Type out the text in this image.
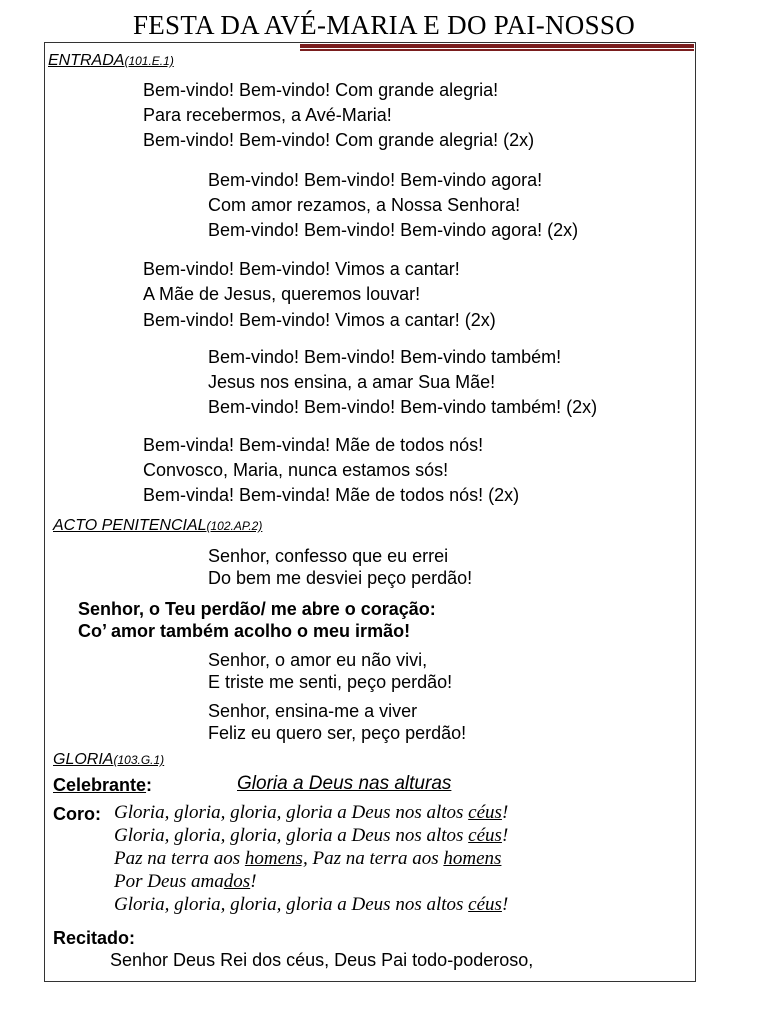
FESTA DA AVÉ-MARIA E DO PAI-NOSSO
ENTRADA(101.E.1)
Bem-vindo! Bem-vindo! Com grande alegria!
Para recebermos, a Avé-Maria!
Bem-vindo! Bem-vindo! Com grande alegria! (2x)
Bem-vindo! Bem-vindo! Bem-vindo agora!
Com amor rezamos, a Nossa Senhora!
Bem-vindo! Bem-vindo! Bem-vindo agora! (2x)
Bem-vindo! Bem-vindo! Vimos a cantar!
A Mãe de Jesus, queremos louvar!
Bem-vindo! Bem-vindo! Vimos a cantar! (2x)
Bem-vindo! Bem-vindo! Bem-vindo também!
Jesus nos ensina, a amar Sua Mãe!
Bem-vindo! Bem-vindo! Bem-vindo também! (2x)
Bem-vinda! Bem-vinda! Mãe de todos nós!
Convosco, Maria, nunca estamos sós!
Bem-vinda! Bem-vinda! Mãe de todos nós! (2x)
ACTO PENITENCIAL(102.AP.2)
Senhor, confesso que eu errei
Do bem me desviei peço perdão!
Senhor, o Teu perdão/ me abre o coração:
Co’ amor também acolho o meu irmão!
Senhor, o amor eu não vivi,
E triste me senti, peço perdão!
Senhor, ensina-me a viver
Feliz eu quero ser, peço perdão!
GLORIA(103.G.1)
Celebrante:	Gloria a Deus nas alturas
Coro: Gloria, gloria, gloria, gloria a Deus nos altos céus!
Gloria, gloria, gloria, gloria a Deus nos altos céus!
Paz na terra aos homens, Paz na terra aos homens
Por Deus amados!
Gloria, gloria, gloria, gloria a Deus nos altos céus!
Recitado:
Senhor Deus Rei dos céus, Deus Pai todo-poderoso,
